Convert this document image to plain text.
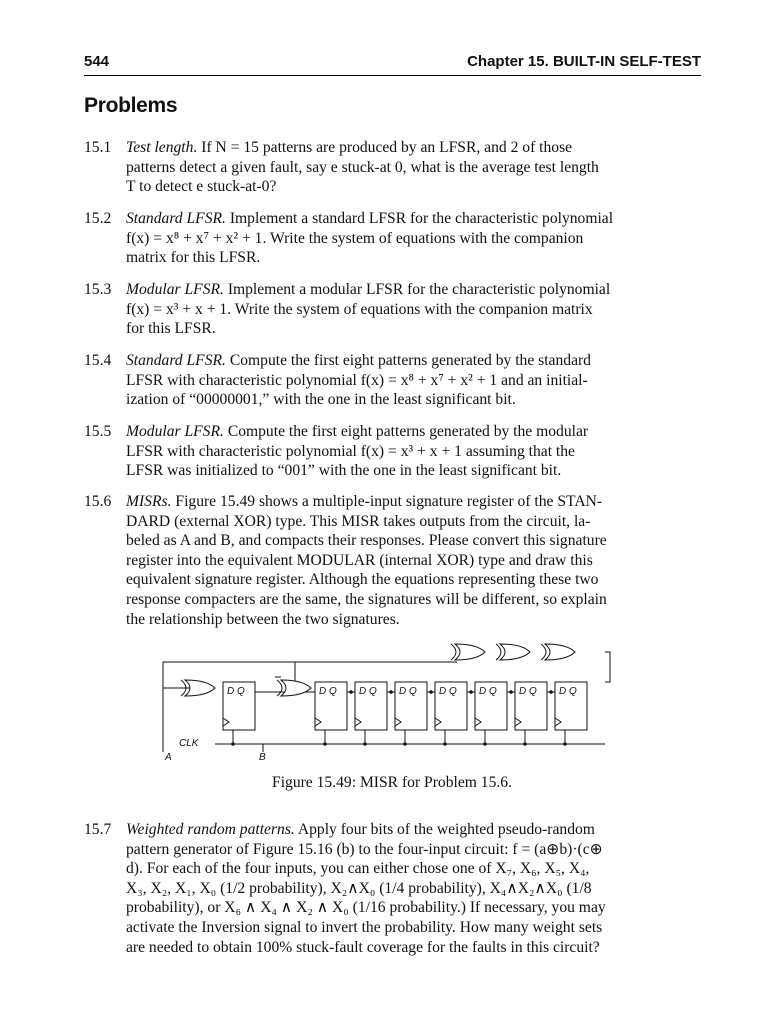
544	Chapter 15. BUILT-IN SELF-TEST
Problems
15.1 Test length. If N = 15 patterns are produced by an LFSR, and 2 of those
patterns detect a given fault, say e stuck-at 0, what is the average test length
T to detect e stuck-at-0?
15.2 Standard LFSR. Implement a standard LFSR for the characteristic polynomial
f(x) = x⁸ + x⁷ + x² + 1. Write the system of equations with the companion
matrix for this LFSR.
15.3 Modular LFSR. Implement a modular LFSR for the characteristic polynomial
f(x) = x³ + x + 1. Write the system of equations with the companion matrix
for this LFSR.
15.4 Standard LFSR. Compute the first eight patterns generated by the standard
LFSR with characteristic polynomial f(x) = x⁸ + x⁷ + x² + 1 and an initial-
ization of “00000001,” with the one in the least significant bit.
15.5 Modular LFSR. Compute the first eight patterns generated by the modular
LFSR with characteristic polynomial f(x) = x³ + x + 1 assuming that the
LFSR was initialized to “001” with the one in the least significant bit.
15.6 MISRs. Figure 15.49 shows a multiple-input signature register of the STAN-
DARD (external XOR) type. This MISR takes outputs from the circuit, la-
beled as A and B, and compacts their responses. Please convert this signature
register into the equivalent MODULAR (internal XOR) type and draw this
equivalent signature register. Although the equations representing these two
response compacters are the same, the signatures will be different, so explain
the relationship between the two signatures.
D Q	D Q D Q D Q D Q D Q D Q D Q
CLK
A	B
Figure 15.49: MISR for Problem 15.6.
15.7 Weighted random patterns. Apply four bits of the weighted pseudo-random
pattern generator of Figure 15.16 (b) to the four-input circuit: f = (a⊕b)·(c⊕
d). For each of the four inputs, you can either chose one of X₇, X₆, X₅, X₄,
X₃, X₂, X₁, X₀ (1/2 probability), X₂∧X₀ (1/4 probability), X₄∧X₂∧X₀ (1/8
probability), or X₆ ∧ X₄ ∧ X₂ ∧ X₀ (1/16 probability.) If necessary, you may
activate the Inversion signal to invert the probability. How many weight sets
are needed to obtain 100% stuck-fault coverage for the faults in this circuit?
